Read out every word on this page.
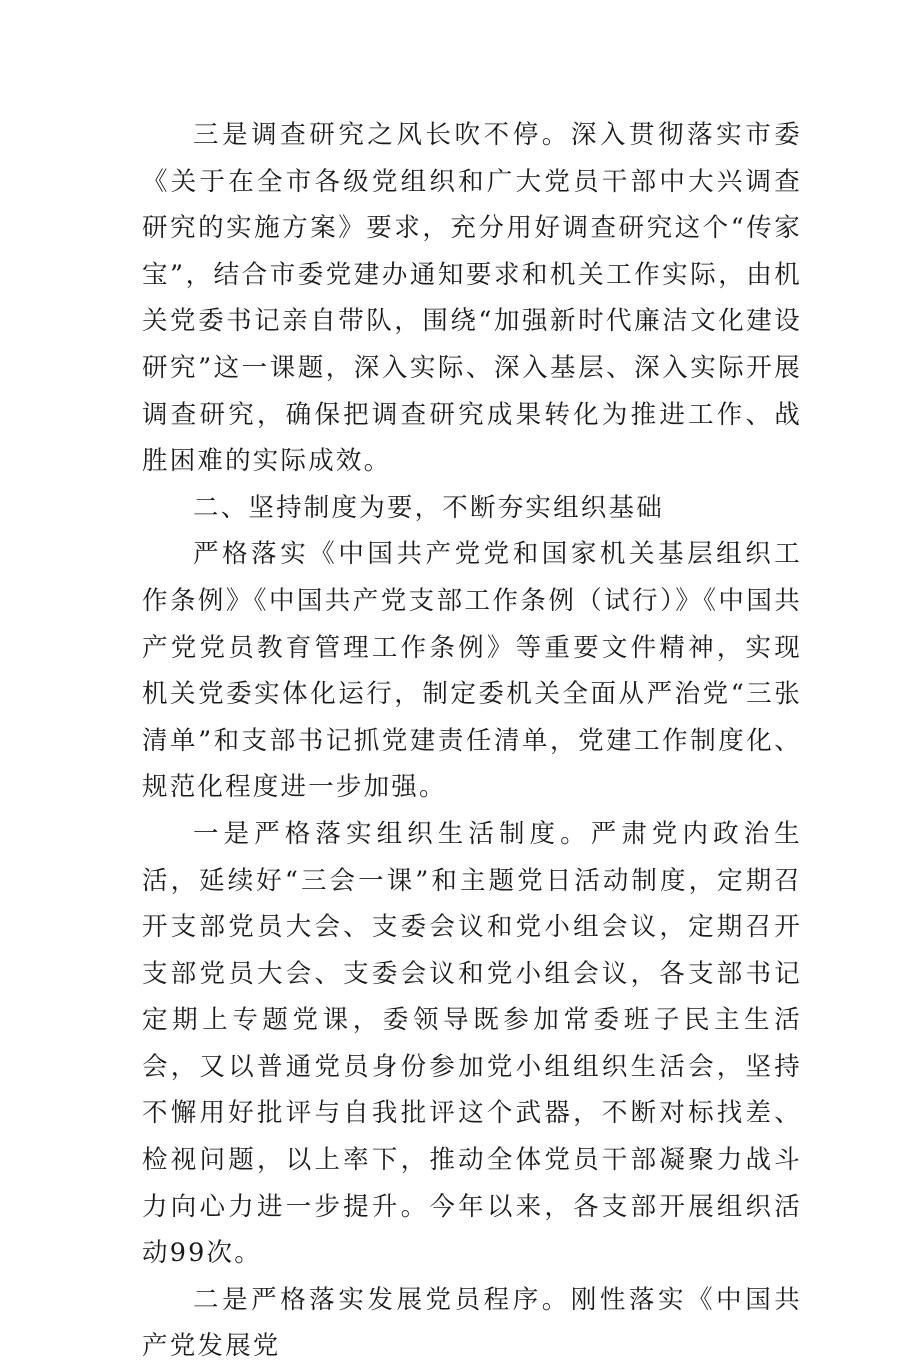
三是调查研究之风长吹不停。深入贯彻落实市委《关于在全市各级党组织和广大党员干部中大兴调查研究的实施方案》要求，充分用好调查研究这个“传家宝”，结合市委党建办通知要求和机关工作实际，由机关党委书记亲自带队，围绕“加强新时代廉洁文化建设研究”这一课题，深入实际、深入基层、深入实际开展调查研究，确保把调查研究成果转化为推进工作、战胜困难的实际成效。

二、坚持制度为要，不断夯实组织基础

严格落实《中国共产党党和国家机关基层组织工作条例》《中国共产党支部工作条例（试行）》《中国共产党党员教育管理工作条例》等重要文件精神，实现机关党委实体化运行，制定委机关全面从严治党“三张清单”和支部书记抓党建责任清单，党建工作制度化、规范化程度进一步加强。

一是严格落实组织生活制度。严肃党内政治生活，延续好“三会一课”和主题党日活动制度，定期召开支部党员大会、支委会议和党小组会议，定期召开支部党员大会、支委会议和党小组会议，各支部书记定期上专题党课，委领导既参加常委班子民主生活会，又以普通党员身份参加党小组组织生活会，坚持不懈用好批评与自我批评这个武器，不断对标找差、检视问题，以上率下，推动全体党员干部凝聚力战斗力向心力进一步提升。今年以来，各支部开展组织活动99次。

二是严格落实发展党员程序。刚性落实《中国共产党发展党
